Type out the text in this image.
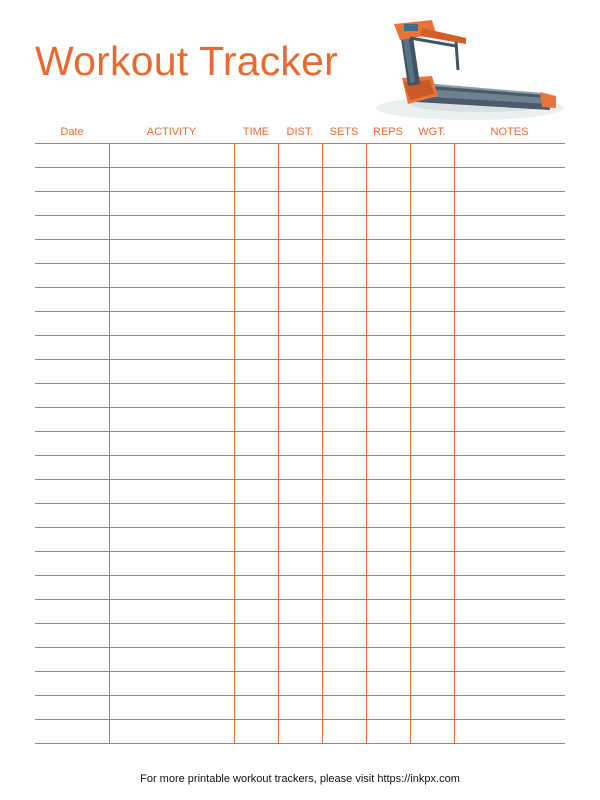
Workout Tracker
Date	ACTIVITY	TIME	DIST.	SETS	REPS	WGT.	NOTES

For more printable workout trackers, please visit https://inkpx.com
